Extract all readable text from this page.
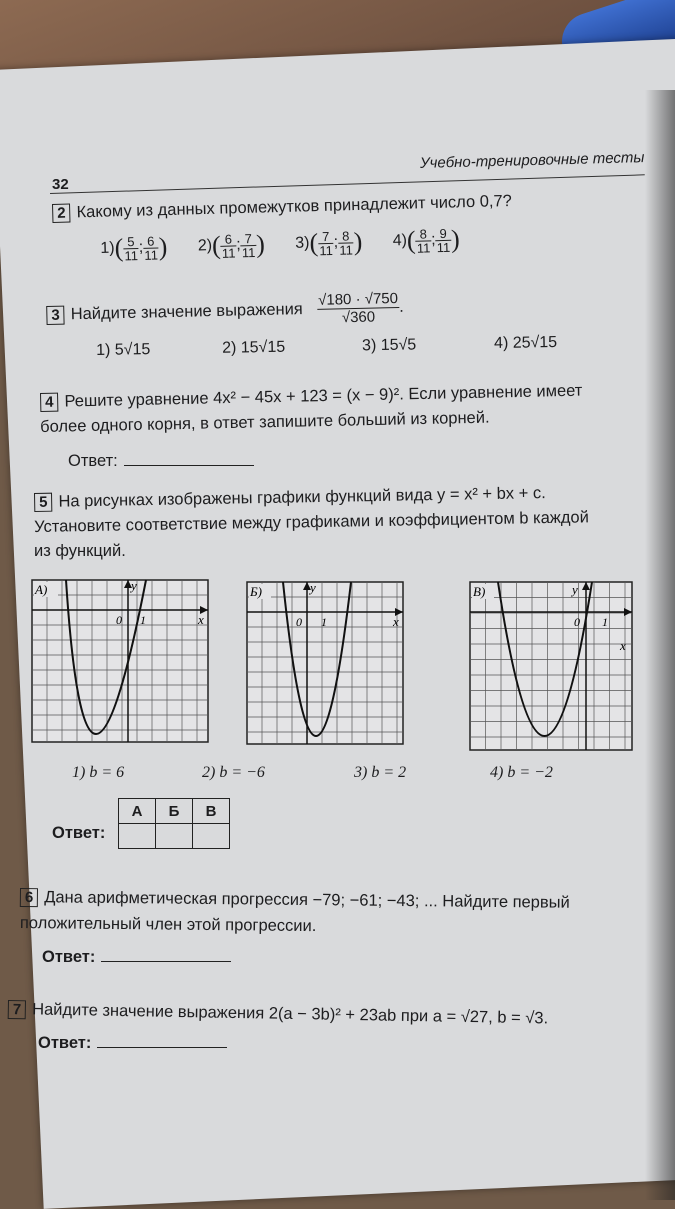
Учебно-тренировочные тесты
32
2 Какому из данных промежутков принадлежит число 0,7?
$1)( \frac{5}{11}$ ; $\frac{6}{11}$ ) $2)( \frac{6}{11}$ ; $\frac{7}{11}$ ) $3)( \frac{7}{11}$ ; $\frac{8}{11}$ ) $4)( \frac{8}{11}$ ; $\frac{9}{11}$ )
3 Найдите значение выражения $\frac{√180 \cdot √750}{√360}$ .
1) 5√15	2) 15√15	3) 15√5	4) 25√15
4 Решите уравнение 4x² − 45x + 123 = (x − 9)². Если уравнение имеет
более одного корня, в ответ запишите больший из корней.
Ответ:
5 На рисунках изображены графики функций вида y = x² + bx + c.
Установите соответствие между графиками и коэффициентом b каждой
из функций.
А)	y
x
0 1
Б)	y
x
0 1
В)	y
x
0 1
1) b = 6	2) b = −6	3) b = 2	4) b = −2
Ответ:
А	Б	В

6 Дана арифметическая прогрессия −79; −61; −43; ... Найдите первый
положительный член этой прогрессии.
Ответ:
7 Найдите значение выражения 2(a − 3b)² + 23ab при a = √27, b = √3.
Ответ:
